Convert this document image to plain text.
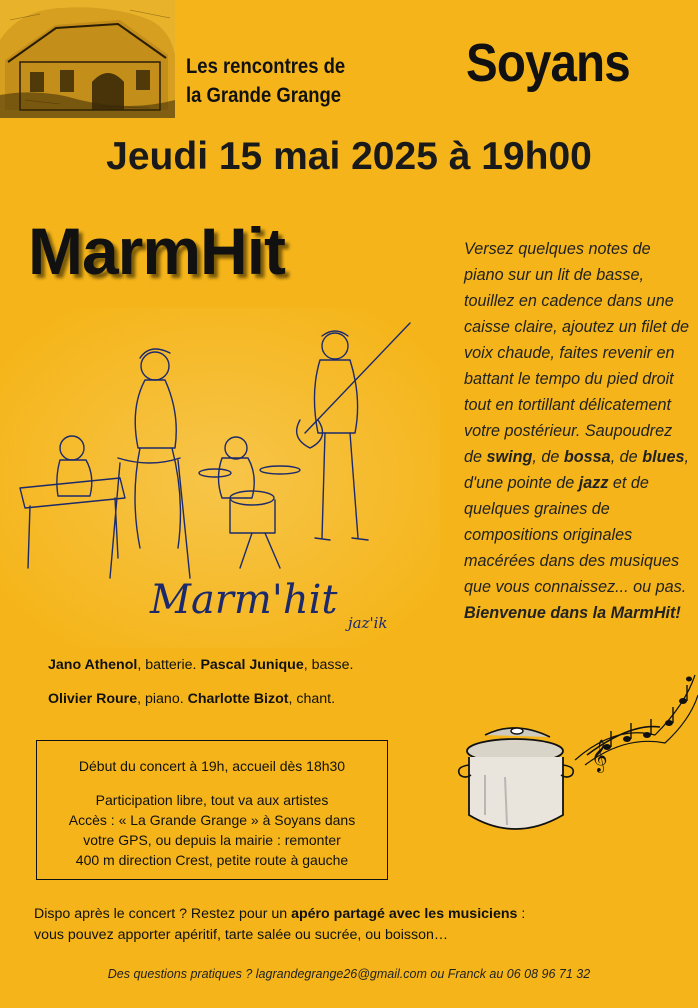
Les rencontres de
la Grande Grange
Soyans
Jeudi 15 mai 2025 à 19h00
MarmHit
Marm'hit jaz'ik
Versez quelques notes de piano sur un lit de basse, touillez en cadence dans une caisse claire, ajoutez un filet de voix chaude, faites revenir en battant le tempo du pied droit tout en tortillant délicatement votre postérieur. Saupoudrez de swing, de bossa, de blues, d'une pointe de jazz et de quelques graines de compositions originales macérées dans des musiques que vous connaissez... ou pas.
Bienvenue dans la MarmHit!
Jano Athenol, batterie. Pascal Junique, basse.
Olivier Roure, piano. Charlotte Bizot, chant.
Début du concert à 19h, accueil dès 18h30
Participation libre, tout va aux artistes
Accès : « La Grande Grange » à Soyans dans
votre GPS, ou depuis la mairie : remonter
400 m direction Crest, petite route à gauche
𝄞
Dispo après le concert ? Restez pour un apéro partagé avec les musiciens :
vous pouvez apporter apéritif, tarte salée ou sucrée, ou boisson…
Des questions pratiques ? lagrandegrange26@gmail.com ou Franck au 06 08 96 71 32
